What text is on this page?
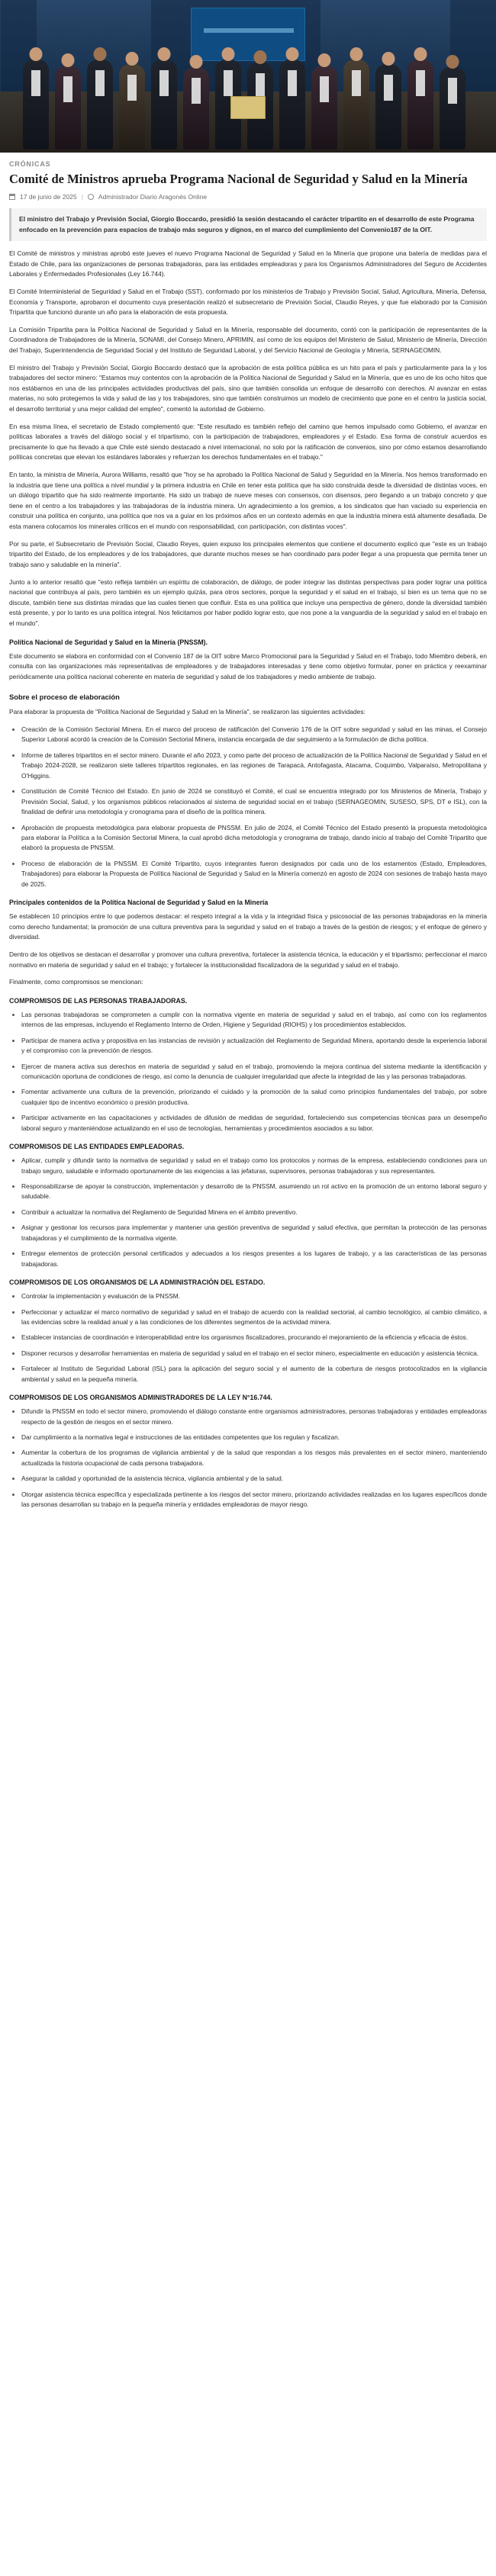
CRÓNICAS
Comité de Ministros aprueba Programa Nacional de Seguridad y Salud en la Minería
17 de junio de 2025 | Administrador Diario Aragonés Online
El ministro del Trabajo y Previsión Social, Giorgio Boccardo, presidió la sesión destacando el carácter tripartito en el desarrollo de este Programa enfocado en la prevención para espacios de trabajo más seguros y dignos, en el marco del cumplimiento del Convenio187 de la OIT.

El Comité de ministros y ministras aprobó este jueves el nuevo Programa Nacional de Seguridad y Salud en la Minería que propone una batería de medidas para el Estado de Chile, para las organizaciones de personas trabajadoras, para las entidades empleadoras y para los Organismos Administradores del Seguro de Accidentes Laborales y Enfermedades Profesionales (Ley 16.744).

El Comité Interministerial de Seguridad y Salud en el Trabajo (SST), conformado por los ministerios de Trabajo y Previsión Social, Salud, Agricultura, Minería, Defensa, Economía y Transporte, aprobaron el documento cuya presentación realizó el subsecretario de Previsión Social, Claudio Reyes, y que fue elaborado por la Comisión Tripartita que funcionó durante un año para la elaboración de esta propuesta.

La Comisión Tripartita para la Política Nacional de Seguridad y Salud en la Minería, responsable del documento, contó con la participación de representantes de la Coordinadora de Trabajadores de la Minería, SONAMI, del Consejo Minero, APRIMIN, así como de los equipos del Ministerio de Salud, Ministerio de Minería, Dirección del Trabajo, Superintendencia de Seguridad Social y del Instituto de Seguridad Laboral, y del Servicio Nacional de Geología y Minería, SERNAGEOMIN.

El ministro del Trabajo y Previsión Social, Giorgio Boccardo destacó que la aprobación de esta política pública es un hito para el país y particularmente para la y los trabajadores del sector minero: "Estamos muy contentos con la aprobación de la Política Nacional de Seguridad y Salud en la Minería, que es uno de los ocho hitos que nos estábamos en una de las principales actividades productivas del país, sino que también consolida un enfoque de desarrollo con derechos. Al avanzar en estas materias, no solo protegemos la vida y salud de las y los trabajadores, sino que también construimos un modelo de crecimiento que pone en el centro la justicia social, el desarrollo territorial y una mejor calidad del empleo", comentó la autoridad de Gobierno.

En esa misma línea, el secretario de Estado complementó que: "Este resultado es también reflejo del camino que hemos impulsado como Gobierno, el avanzar en políticas laborales a través del diálogo social y el tripartismo, con la participación de trabajadores, empleadores y el Estado. Esa forma de construir acuerdos es precisamente lo que ha llevado a que Chile esté siendo destacado a nivel internacional, no solo por la ratificación de convenios, sino por cómo estamos desarrollando políticas concretas que elevan los estándares laborales y refuerzan los derechos fundamentales en el trabajo."

En tanto, la ministra de Minería, Aurora Williams, resaltó que "hoy se ha aprobado la Política Nacional de Salud y Seguridad en la Minería. Nos hemos transformado en la industria que tiene una política a nivel mundial y la primera industria en Chile en tener esta política que ha sido construida desde la diversidad de distintas voces, en un diálogo tripartito que ha sido realmente importante. Ha sido un trabajo de nueve meses con consensos, con disensos, pero llegando a un trabajo concreto y que tiene en el centro a los trabajadores y las trabajadoras de la industria minera. Un agradecimiento a los gremios, a los sindicatos que han vaciado su experiencia en construir una política en conjunto, una política que nos va a guiar en los próximos años en un contexto además en que la industria minera está altamente desafiada. De esta manera colocamos los minerales críticos en el mundo con responsabilidad, con participación, con distintas voces".

Por su parte, el Subsecretario de Previsión Social, Claudio Reyes, quien expuso los principales elementos que contiene el documento explicó que "este es un trabajo tripartito del Estado, de los empleadores y de los trabajadores, que durante muchos meses se han coordinado para poder llegar a una propuesta que permita tener un trabajo sano y saludable en la minería".

Junto a lo anterior resaltó que "esto refleja también un espíritu de colaboración, de diálogo, de poder integrar las distintas perspectivas para poder lograr una política nacional que contribuya al país, pero también es un ejemplo quizás, para otros sectores, porque la seguridad y el salud en el trabajo, sí bien es un tema que no se discute, también tiene sus distintas miradas que las cuales tienen que confluir. Esta es una política que incluye una perspectiva de género, donde la diversidad también está presente, y por lo tanto es una política integral. Nos felicitamos por haber podido lograr esto, que nos pone a la vanguardia de la seguridad y salud en el trabajo en el mundo".

Política Nacional de Seguridad y Salud en la Minería (PNSSM).

Este documento se elabora en conformidad con el Convenio 187 de la OIT sobre Marco Promocional para la Seguridad y Salud en el Trabajo, todo Miembro deberá, en consulta con las organizaciones más representativas de empleadores y de trabajadores interesadas y tiene como objetivo formular, poner en práctica y reexaminar periódicamente una política nacional coherente en materia de seguridad y salud de los trabajadores y medio ambiente de trabajo.

Sobre el proceso de elaboración

Para elaborar la propuesta de "Política Nacional de Seguridad y Salud en la Minería", se realizaron las siguientes actividades:

• Creación de la Comisión Sectorial Minera. En el marco del proceso de ratificación del Convenio 176 de la OIT sobre seguridad y salud en las minas, el Consejo Superior Laboral acordó la creación de la Comisión Sectorial Minera, instancia encargada de dar seguimiento a la formulación de dicha política.
• Informe de talleres tripartitos en el sector minero. Durante el año 2023, y como parte del proceso de actualización de la Política Nacional de Seguridad y Salud en el Trabajo 2024-2028, se realizaron siete talleres tripartitos regionales, en las regiones de Tarapacá, Antofagasta, Atacama, Coquimbo, Valparaíso, Metropolitana y O'Higgins.
• Constitución de Comité Técnico del Estado. En junio de 2024 se constituyó el Comité, el cual se encuentra integrado por los Ministerios de Minería, Trabajo y Previsión Social, Salud, y los organismos públicos relacionados al sistema de seguridad social en el trabajo (SERNAGEOMIN, SUSESO, SPS, DT e ISL), con la finalidad de definir una metodología y cronograma para el diseño de la política minera.
• Aprobación de propuesta metodológica para elaborar propuesta de PNSSM. En julio de 2024, el Comité Técnico del Estado presentó la propuesta metodológica para elaborar la Política a la Comisión Sectorial Minera, la cual aprobó dicha metodología y cronograma de trabajo, dando inicio al trabajo del Comité Tripartito que elaboró la propuesta de PNSSM.
• Proceso de elaboración de la PNSSM. El Comité Tripartito, cuyos integrantes fueron designados por cada uno de los estamentos (Estado, Empleadores, Trabajadores) para elaborar la Propuesta de Política Nacional de Seguridad y Salud en la Minería comenzó en agosto de 2024 con sesiones de trabajo hasta mayo de 2025.
Principales contenidos de la Política Nacional de Seguridad y Salud en la Minería

Se establecen 10 principios entre lo que podemos destacar: el respeto integral a la vida y la integridad física y psicosocial de las personas trabajadoras en la minería como derecho fundamental; la promoción de una cultura preventiva para la seguridad y salud en el trabajo a través de la gestión de riesgos; y el enfoque de género y diversidad.

Dentro de los objetivos se destacan el desarrollar y promover una cultura preventiva, fortalecer la asistencia técnica, la educación y el tripartismo; perfeccionar el marco normativo en materia de seguridad y salud en el trabajo; y fortalecer la institucionalidad fiscalizadora de la seguridad y salud en el trabajo.

Finalmente, como compromisos se mencionan:

COMPROMISOS DE LAS PERSONAS TRABAJADORAS.
• Las personas trabajadoras se comprometen a cumplir con la normativa vigente en materia de seguridad y salud en el trabajo, así como con los reglamentos internos de las empresas, incluyendo el Reglamento Interno de Orden, Higiene y Seguridad (RIOHS) y los procedimientos establecidos.
• Participar de manera activa y propositiva en las instancias de revisión y actualización del Reglamento de Seguridad Minera, aportando desde la experiencia laboral y el compromiso con la prevención de riesgos.
• Ejercer de manera activa sus derechos en materia de seguridad y salud en el trabajo, promoviendo la mejora continua del sistema mediante la identificación y comunicación oportuna de condiciones de riesgo, así como la denuncia de cualquier irregularidad que afecte la integridad de las y las personas trabajadoras.
• Fomentar activamente una cultura de la prevención, priorizando el cuidado y la promoción de la salud como principios fundamentales del trabajo, por sobre cualquier tipo de incentivo económico o presión productiva.
• Participar activamente en las capacitaciones y actividades de difusión de medidas de seguridad, fortaleciendo sus competencias técnicas para un desempeño laboral seguro y manteniéndose actualizando en el uso de tecnologías, herramientas y procedimientos asociados a su labor.
COMPROMISOS DE LAS ENTIDADES EMPLEADORAS.
• Aplicar, cumplir y difundir tanto la normativa de seguridad y salud en el trabajo como los protocolos y normas de la empresa, estableciendo condiciones para un trabajo seguro, saludable e informado oportunamente de las exigencias a las jefaturas, supervisores, personas trabajadoras y sus representantes.
• Responsabilizarse de apoyar la construcción, implementación y desarrollo de la PNSSM, asumiendo un rol activo en la promoción de un entorno laboral seguro y saludable.
• Contribuir a actualizar la normativa del Reglamento de Seguridad Minera en el ámbito preventivo.
• Asignar y gestionar los recursos para implementar y mantener una gestión preventiva de seguridad y salud efectiva, que permitan la protección de las personas trabajadoras y el cumplimiento de la normativa vigente.
• Entregar elementos de protección personal certificados y adecuados a los riesgos presentes a los lugares de trabajo, y a las características de las personas trabajadoras.
COMPROMISOS DE LOS ORGANISMOS DE LA ADMINISTRACIÓN DEL ESTADO.
• Controlar la implementación y evaluación de la PNSSM.
• Perfeccionar y actualizar el marco normativo de seguridad y salud en el trabajo de acuerdo con la realidad sectorial, al cambio tecnológico, al cambio climático, a las evidencias sobre la realidad anual y a las condiciones de los diferentes segmentos de la actividad minera.
• Establecer instancias de coordinación e interoperabilidad entre los organismos fiscalizadores, procurando el mejoramiento de la eficiencia y eficacia de éstos.
• Disponer recursos y desarrollar herramientas en materia de seguridad y salud en el trabajo en el sector minero, especialmente en educación y asistencia técnica.
• Fortalecer al Instituto de Seguridad Laboral (ISL) para la aplicación del seguro social y el aumento de la cobertura de riesgos protocolizados en la vigilancia ambiental y salud en la pequeña minería.
COMPROMISOS DE LOS ORGANISMOS ADMINISTRADORES DE LA LEY N°16.744.
• Difundir la PNSSM en todo el sector minero, promoviendo el diálogo constante entre organismos administradores, personas trabajadoras y entidades empleadoras respecto de la gestión de riesgos en el sector minero.
• Dar cumplimiento a la normativa legal e instrucciones de las entidades competentes que los regulan y fiscalizan.
• Aumentar la cobertura de los programas de vigilancia ambiental y de la salud que respondan a los riesgos más prevalentes en el sector minero, manteniendo actualizada la historia ocupacional de cada persona trabajadora.
• Asegurar la calidad y oportunidad de la asistencia técnica, vigilancia ambiental y de la salud.
• Otorgar asistencia técnica específica y especializada pertinente a los riesgos del sector minero, priorizando actividades realizadas en los lugares específicos donde las personas desarrollan su trabajo en la pequeña minería y entidades empleadoras de mayor riesgo.
